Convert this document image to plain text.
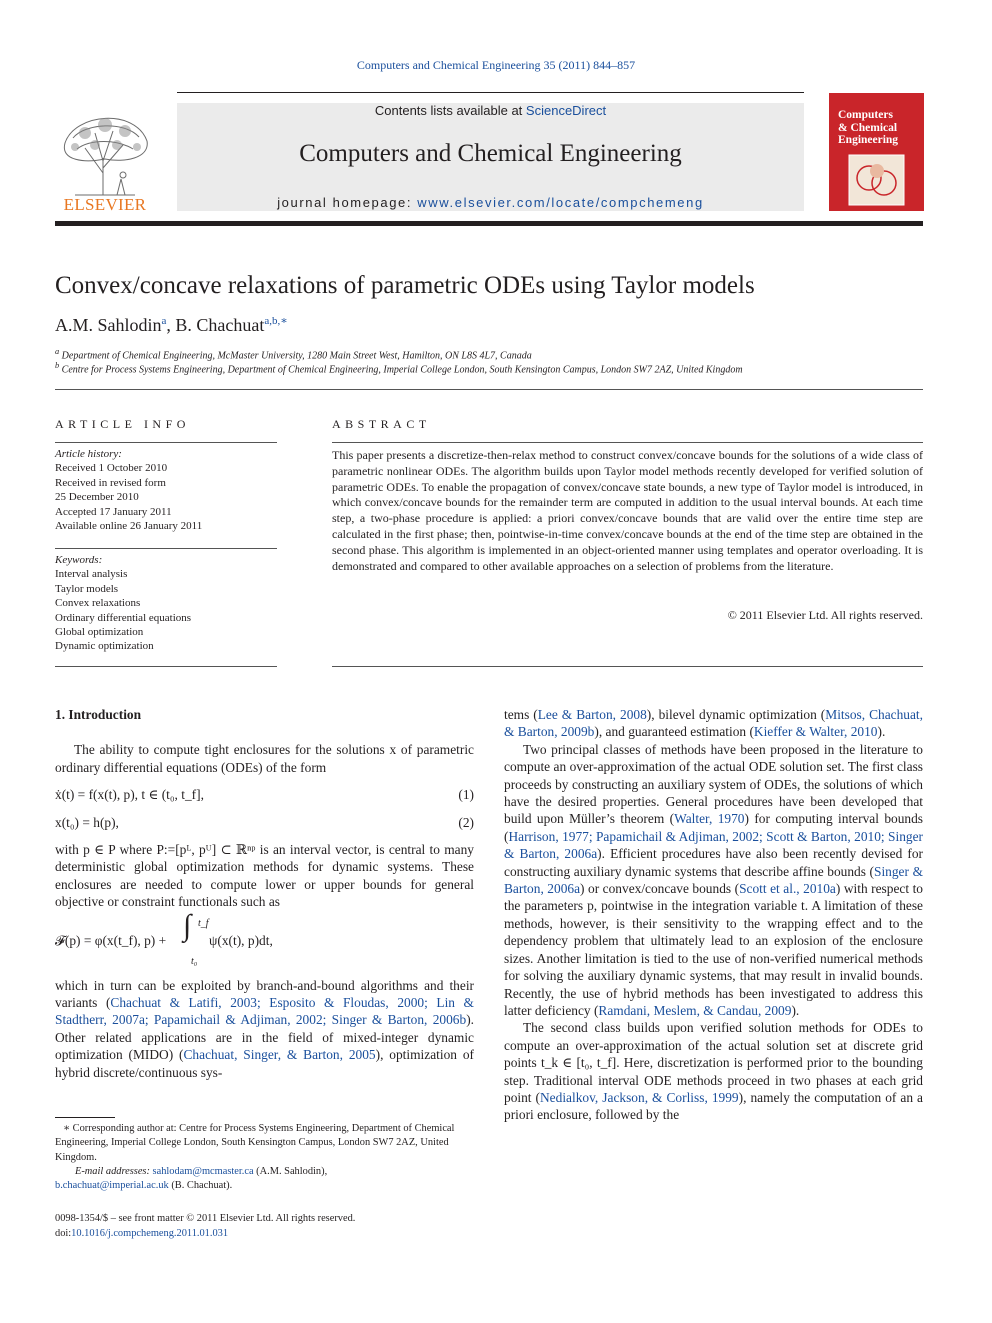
Computers and Chemical Engineering 35 (2011) 844–857
ELSEVIER
Contents lists available at ScienceDirect
Computers and Chemical Engineering
journal homepage: www.elsevier.com/locate/compchemeng
Computers
& Chemical
Engineering
Convex/concave relaxations of parametric ODEs using Taylor models
A.M. Sahlodin$^a$, B. Chachuat$^{a,b,∗}$
$^a$ Department of Chemical Engineering, McMaster University, 1280 Main Street West, Hamilton, ON L8S 4L7, Canada
$^b$ Centre for Process Systems Engineering, Department of Chemical Engineering, Imperial College London, South Kensington Campus, London SW7 2AZ, United Kingdom
ARTICLE INFO	ABSTRACT
Article history:
Received 1 October 2010
Received in revised form
25 December 2010
Accepted 17 January 2011
Available online 26 January 2011
Keywords:
Interval analysis
Taylor models
Convex relaxations
Ordinary differential equations
Global optimization
Dynamic optimization
This paper presents a discretize-then-relax method to construct convex/concave bounds for the solutions of a wide class of parametric nonlinear ODEs. The algorithm builds upon Taylor model methods recently developed for verified solution of parametric ODEs. To enable the propagation of convex/concave state bounds, a new type of Taylor model is introduced, in which convex/concave bounds for the remainder term are computed in addition to the usual interval bounds. At each time step, a two-phase procedure is applied: a priori convex/concave bounds that are valid over the entire time step are calculated in the first phase; then, pointwise-in-time convex/concave bounds at the end of the time step are obtained in the second phase. This algorithm is implemented in an object-oriented manner using templates and operator overloading. It is demonstrated and compared to other available approaches on a selection of problems from the literature.
© 2011 Elsevier Ltd. All rights reserved.

1. Introduction

The ability to compute tight enclosures for the solutions x of parametric ordinary differential equations (ODEs) of the form

ẋ(t) = f(x(t), p), t ∈ (t₀, t_f],	(1)

x(t₀) = h(p),	(2)

with p ∈ P where P:=[pᴸ, pᵁ] ⊂ ℝⁿᵖ is an interval vector, is central to many deterministic global optimization methods for dynamic systems. These enclosures are needed to compute lower or upper bounds for general objective or constraint functionals such as

𝓕(p) = φ(x(t_f), p) + ∫ t_f
t₀
ψ(x(t), p)dt,

which in turn can be exploited by branch-and-bound algorithms and their variants (Chachuat & Latifi, 2003; Esposito & Floudas, 2000; Lin & Stadtherr, 2007a; Papamichail & Adjiman, 2002; Singer & Barton, 2006b). Other related applications are in the field of mixed-integer dynamic optimization (MIDO) (Chachuat, Singer, & Barton, 2005), optimization of hybrid discrete/continuous sys-

tems (Lee & Barton, 2008), bilevel dynamic optimization (Mitsos, Chachuat, & Barton, 2009b), and guaranteed estimation (Kieffer & Walter, 2010).

Two principal classes of methods have been proposed in the literature to compute an over-approximation of the actual ODE solution set. The first class proceeds by constructing an auxiliary system of ODEs, the solutions of which have the desired properties. General procedures have been developed that build upon Müller’s theorem (Walter, 1970) for computing interval bounds (Harrison, 1977; Papamichail & Adjiman, 2002; Scott & Barton, 2010; Singer & Barton, 2006a). Efficient procedures have also been recently devised for constructing auxiliary dynamic systems that describe affine bounds (Singer & Barton, 2006a) or convex/concave bounds (Scott et al., 2010a) with respect to the parameters p, pointwise in the integration variable t. A limitation of these methods, however, is their sensitivity to the wrapping effect and to the dependency problem that ultimately lead to an explosion of the enclosure sizes. Another limitation is tied to the use of non-verified numerical methods for solving the auxiliary dynamic systems, that may result in invalid bounds. Recently, the use of hybrid methods has been investigated to address this latter deficiency (Ramdani, Meslem, & Candau, 2009).

The second class builds upon verified solution methods for ODEs to compute an over-approximation of the actual solution set at discrete grid points t_k ∈ [t₀, t_f]. Here, discretization is performed prior to the bounding step. Traditional interval ODE methods proceed in two phases at each grid point (Nedialkov, Jackson, & Corliss, 1999), namely the computation of an a priori enclosure, followed by the

∗ Corresponding author at: Centre for Process Systems Engineering, Department of Chemical Engineering, Imperial College London, South Kensington Campus, London SW7 2AZ, United Kingdom.
E-mail addresses: sahlodam@mcmaster.ca (A.M. Sahlodin),
b.chachuat@imperial.ac.uk (B. Chachuat).
0098-1354/$ – see front matter © 2011 Elsevier Ltd. All rights reserved.
doi:10.1016/j.compchemeng.2011.01.031
